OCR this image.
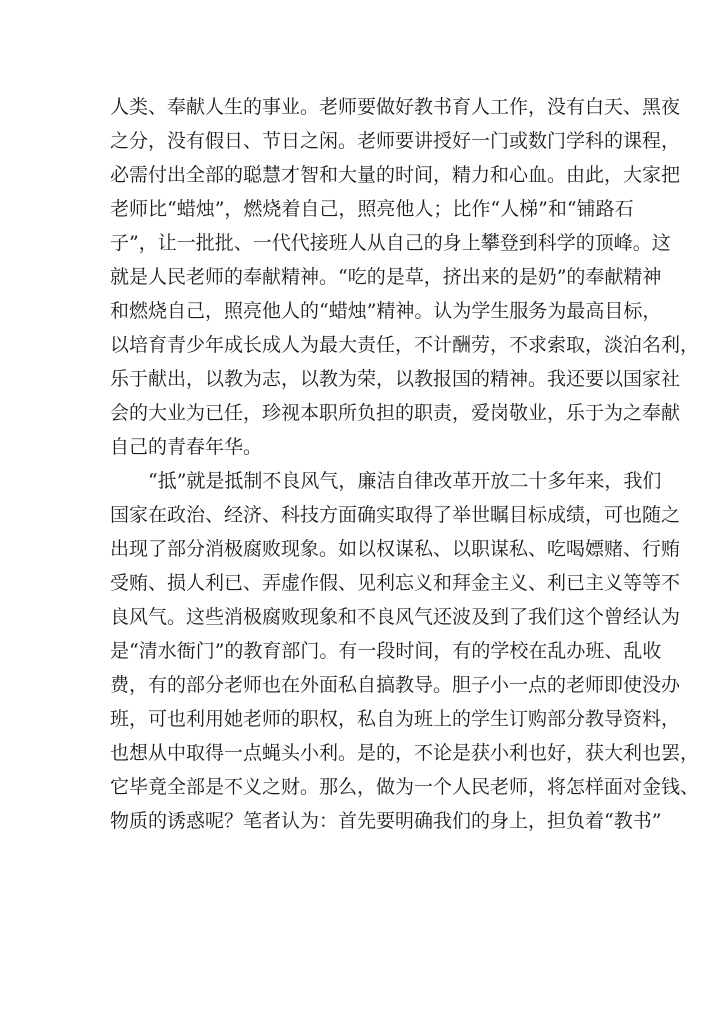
人类、奉献人生的事业。老师要做好教书育人工作，没有白天、黑夜
之分，没有假日、节日之闲。老师要讲授好一门或数门学科的课程，
必需付出全部的聪慧才智和大量的时间，精力和心血。由此，大家把
老师比“蜡烛”，燃烧着自己，照亮他人；比作“人梯”和“铺路石
子”，让一批批、一代代接班人从自己的身上攀登到科学的顶峰。这
就是人民老师的奉献精神。“吃的是草，挤出来的是奶”的奉献精神
和燃烧自己，照亮他人的“蜡烛”精神。认为学生服务为最高目标，
以培育青少年成长成人为最大责任，不计酬劳，不求索取，淡泊名利，
乐于献出，以教为志，以教为荣，以教报国的精神。我还要以国家社
会的大业为已任，珍视本职所负担的职责，爱岗敬业，乐于为之奉献
自己的青春年华。
“抵”就是抵制不良风气，廉洁自律改革开放二十多年来，我们
国家在政治、经济、科技方面确实取得了举世瞩目标成绩，可也随之
出现了部分消极腐败现象。如以权谋私、以职谋私、吃喝嫖赌、行贿
受贿、损人利已、弄虚作假、见利忘义和拜金主义、利已主义等等不
良风气。这些消极腐败现象和不良风气还波及到了我们这个曾经认为
是“清水衙门”的教育部门。有一段时间，有的学校在乱办班、乱收
费，有的部分老师也在外面私自搞教导。胆子小一点的老师即使没办
班，可也利用她老师的职权，私自为班上的学生订购部分教导资料，
也想从中取得一点蝇头小利。是的，不论是获小利也好，获大利也罢，
它毕竟全部是不义之财。那么，做为一个人民老师，将怎样面对金钱、
物质的诱惑呢？笔者认为：首先要明确我们的身上，担负着“教书”
